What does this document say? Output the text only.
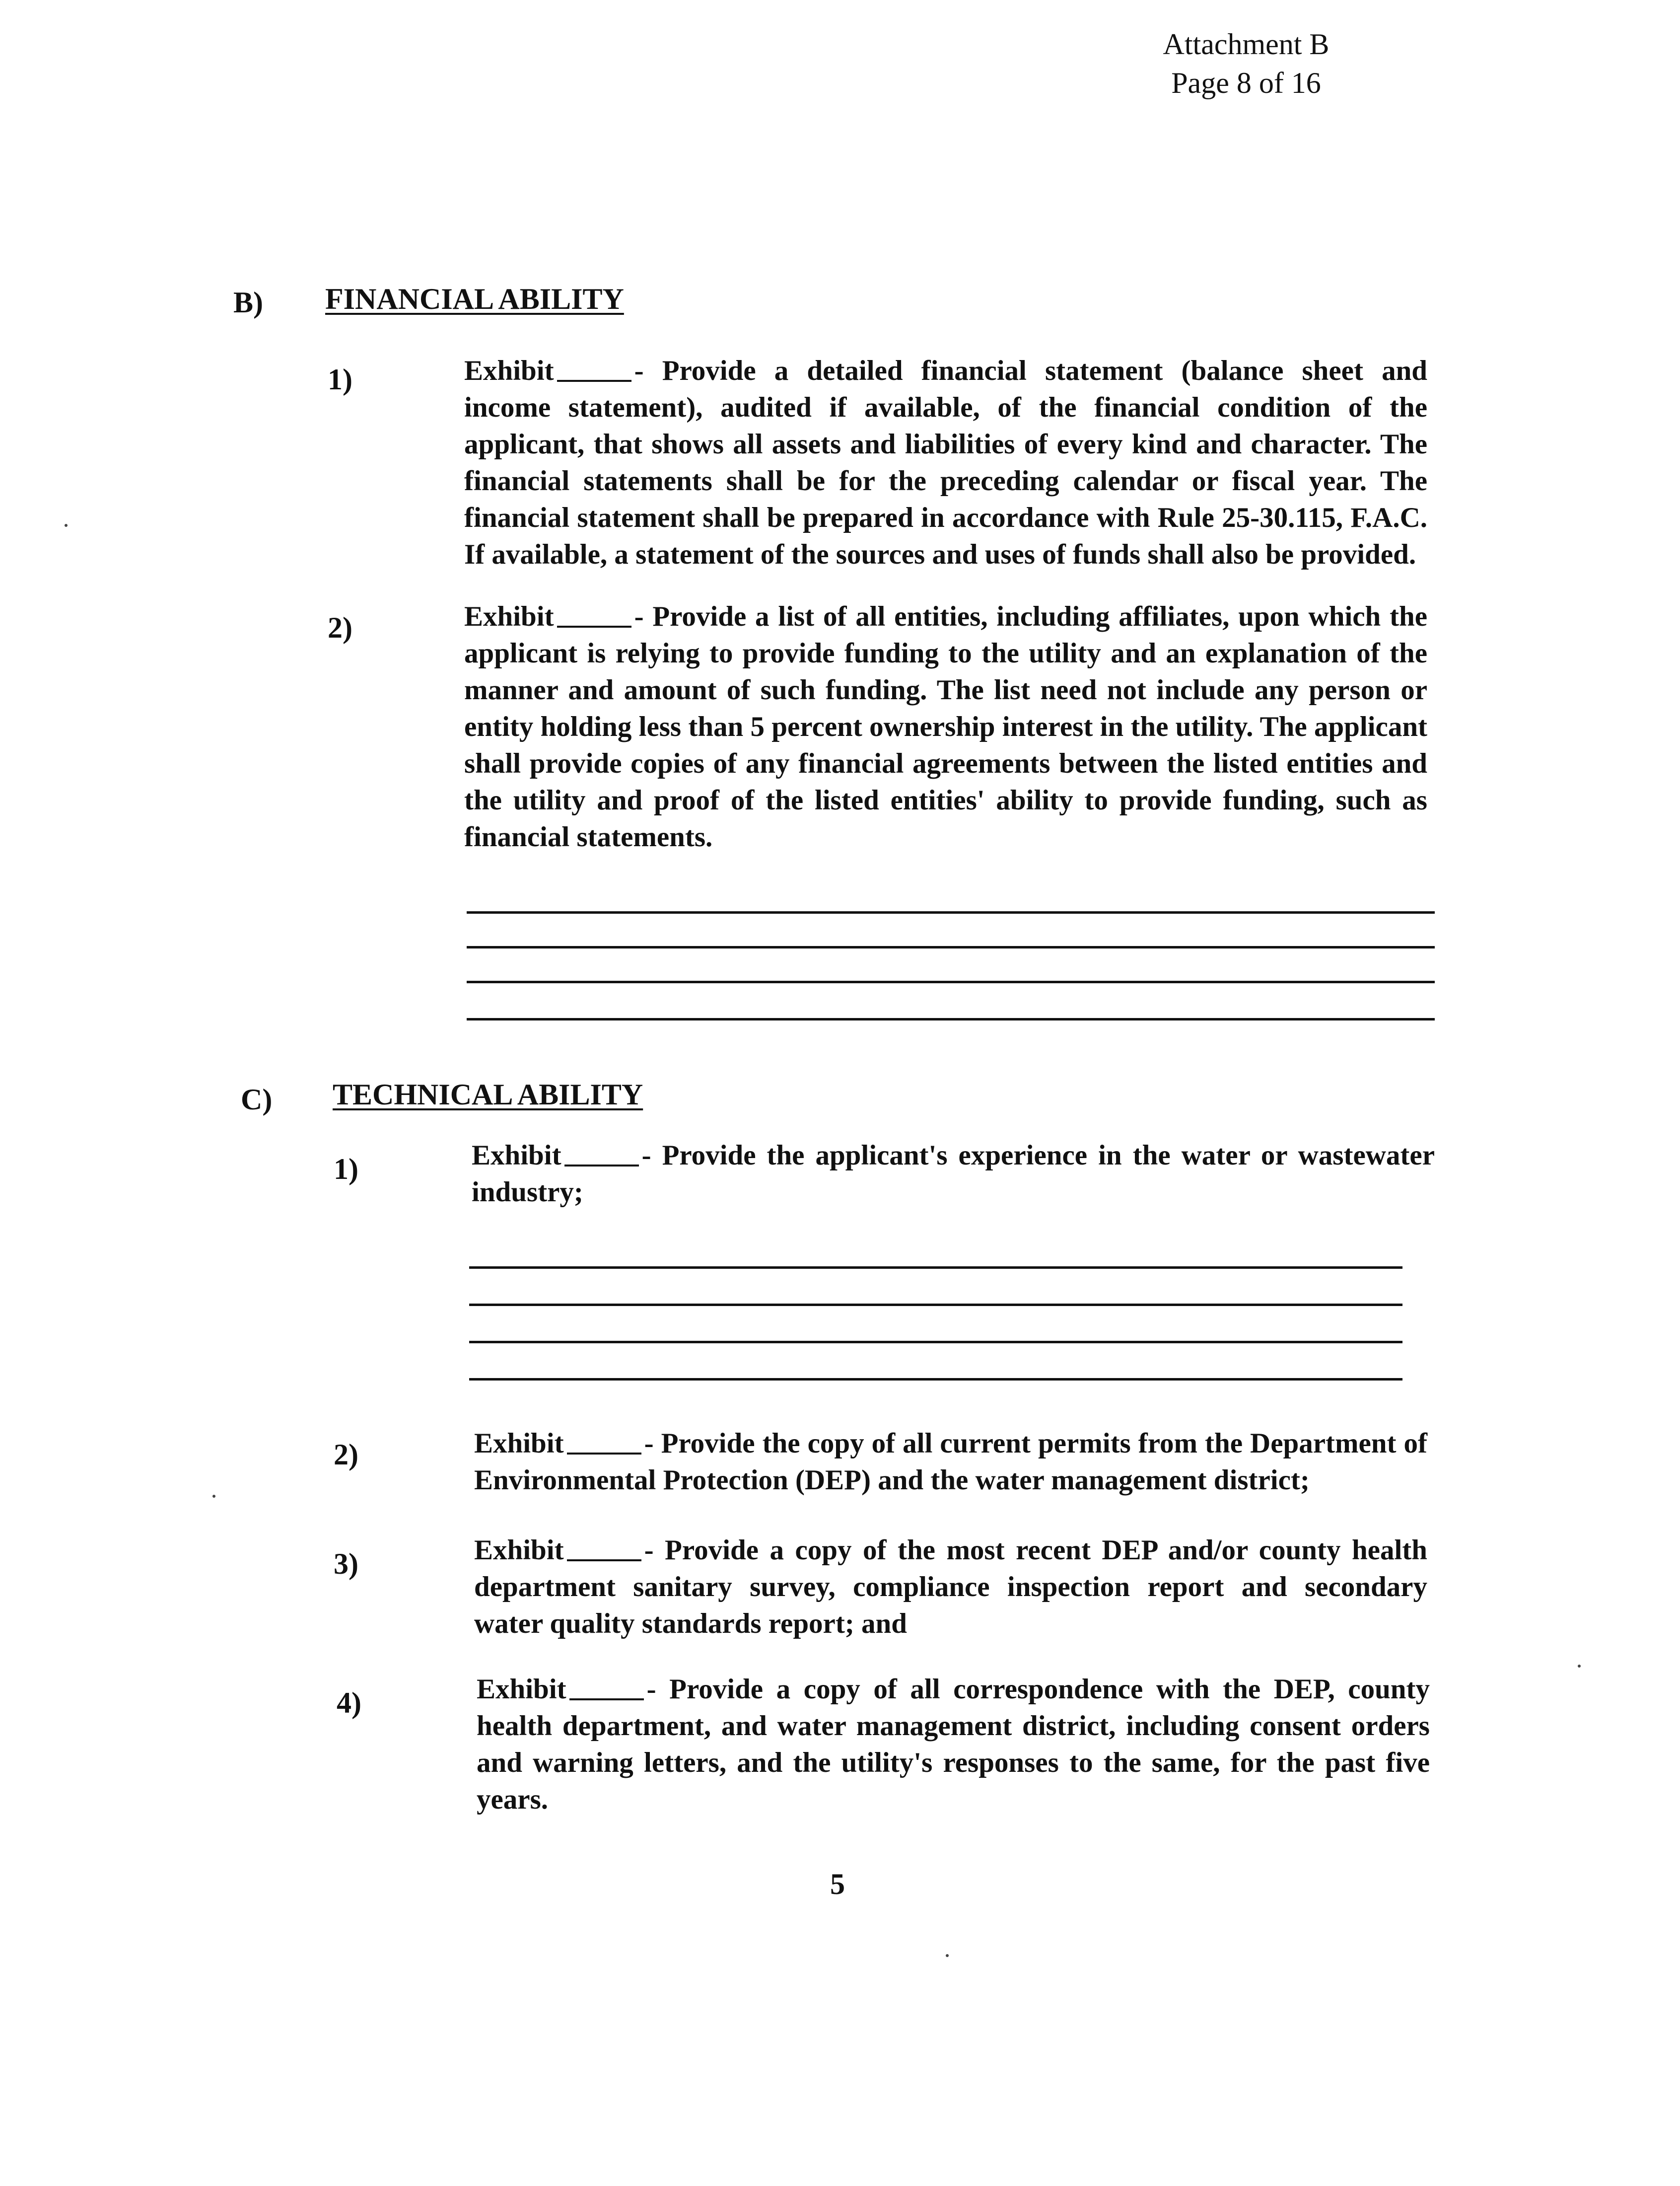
Attachment B
Page 8 of 16
B) FINANCIAL ABILITY
1)	Exhibit	- Provide a detailed financial statement (balance sheet and income statement), audited if available, of the financial condition of the applicant, that shows all assets and liabilities of every kind and character. The financial statements shall be for the preceding calendar or fiscal year. The financial statement shall be prepared in accordance with Rule 25-30.115, F.A.C. If available, a statement of the sources and uses of funds shall also be provided.
2)	Exhibit	- Provide a list of all entities, including affiliates, upon which the applicant is relying to provide funding to the utility and an explanation of the manner and amount of such funding. The list need not include any person or entity holding less than 5 percent ownership interest in the utility. The applicant shall provide copies of any financial agreements between the listed entities and the utility and proof of the listed entities' ability to provide funding, such as financial statements.
C) TECHNICAL ABILITY
1)	Exhibit	- Provide the applicant's experience in the water or wastewater industry;
2)	Exhibit	- Provide the copy of all current permits from the Department of Environmental Protection (DEP) and the water management district;
3)	Exhibit	- Provide a copy of the most recent DEP and/or county health department sanitary survey, compliance inspection report and secondary water quality standards report; and
4)	Exhibit	- Provide a copy of all correspondence with the DEP, county health department, and water management district, including consent orders and warning letters, and the utility's responses to the same, for the past five years.
5
